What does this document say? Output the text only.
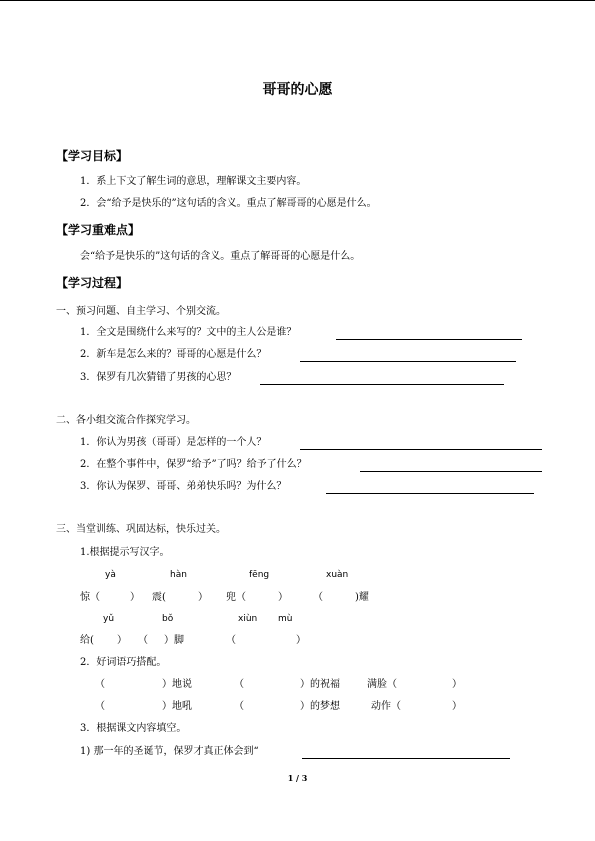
哥哥的心愿
【学习目标】
1．系上下文了解生词的意思，理解课文主要内容。
2．会“给予是快乐的”这句话的含义。重点了解哥哥的心愿是什么。
【学习重难点】
会“给予是快乐的”这句话的含义。重点了解哥哥的心愿是什么。
【学习过程】
一、预习问题、自主学习、个别交流。
1．全文是围绕什么来写的？文中的主人公是谁？
2．新车是怎么来的？哥哥的心愿是什么？
3．保罗有几次猜错了男孩的心思？
二、各小组交流合作探究学习。
1．你认为男孩（哥哥）是怎样的一个人？
2．在整个事件中，保罗“给予”了吗？给予了什么？
3．你认为保罗、哥哥、弟弟快乐吗？为什么？
三、当堂训练、巩固达标，快乐过关。
1.根据提示写汉字。
yà	hàn	fēng	xuàn
惊（	） 震(	） 兜（	）	（	)耀
yǔ	bǒ	xiùn mù
给( ） （ ）脚	（	）
2．好词语巧搭配。
（	）地说	（	）的祝福	满脸（	）
（	）地吼	（	）的梦想	动作（	）
3．根据课文内容填空。
1) 那一年的圣诞节，保罗才真正体会到“
1 / 3
